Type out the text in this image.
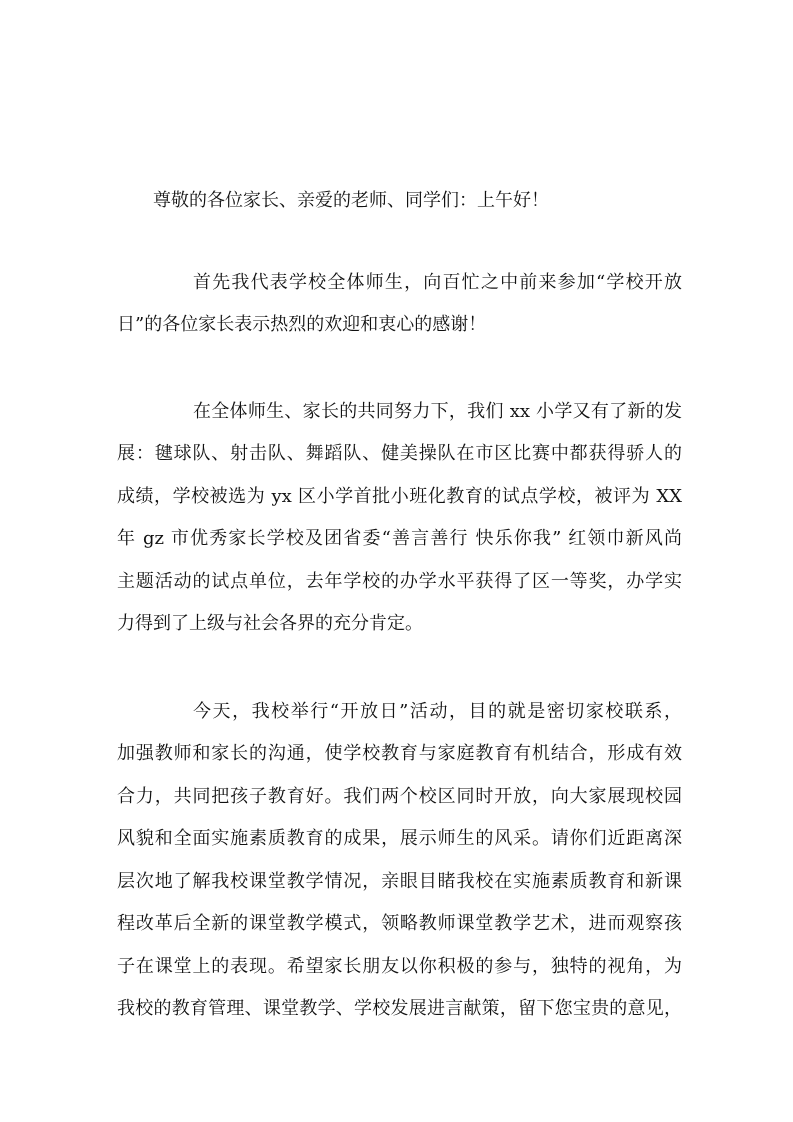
尊敬的各位家长、亲爱的老师、同学们：上午好！
首先我代表学校全体师生，向百忙之中前来参加“学校开放
日”的各位家长表示热烈的欢迎和衷心的感谢！
在全体师生、家长的共同努力下，我们 xx 小学又有了新的发
展：毽球队、射击队、舞蹈队、健美操队在市区比赛中都获得骄人的
成绩，学校被选为 yx 区小学首批小班化教育的试点学校，被评为 XX
年 gz 市优秀家长学校及团省委“善言善行 快乐你我” 红领巾新风尚
主题活动的试点单位，去年学校的办学水平获得了区一等奖，办学实
力得到了上级与社会各界的充分肯定。
今天，我校举行“开放日”活动，目的就是密切家校联系，
加强教师和家长的沟通，使学校教育与家庭教育有机结合，形成有效
合力，共同把孩子教育好。我们两个校区同时开放，向大家展现校园
风貌和全面实施素质教育的成果，展示师生的风采。请你们近距离深
层次地了解我校课堂教学情况，亲眼目睹我校在实施素质教育和新课
程改革后全新的课堂教学模式，领略教师课堂教学艺术，进而观察孩
子在课堂上的表现。希望家长朋友以你积极的参与，独特的视角，为
我校的教育管理、课堂教学、学校发展进言献策，留下您宝贵的意见，
